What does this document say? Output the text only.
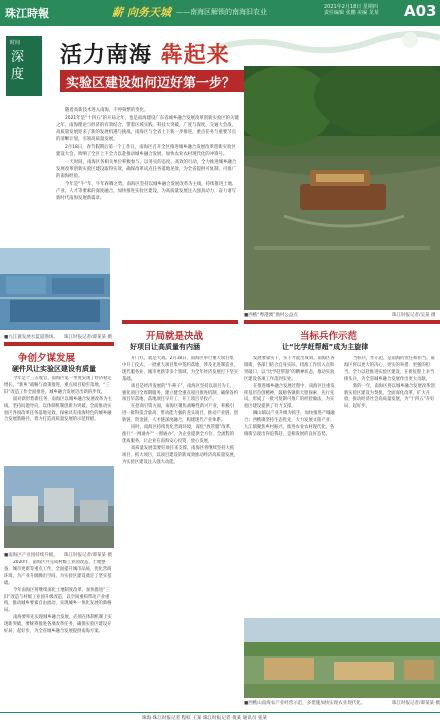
珠江時報	薪 向务天城 ——南海区解锁的南海旧农业
2021年2月18日 星期四
责任编辑 张鹏 美编 龙某 A03
时间
深度
活力南海 犇起来
实验区建设如何迈好第一步？

随着高新技术进入南海，不停频繁的变化。

2021年是“十四五”的开局之年，也是南海建设广东省城乡融合发展改革创新实验区的关键之年。南海理论与经济的有效结合，带着区域实践，科技大突破，广度与深度，交通大会战，高质量发展迎来了新的发展机遇与挑战。南海区与全省上下新一步推进，重点任务与重要节点的清晰计划，引领高质量发展。

2月18日，春节假期后第一个工作日，南海区召开全区推进城乡融合发展改革创新实验区建设大会，吹响了全区上下全力以赴推动城乡融合发展、加快农业农村现代化的冲锋号。

一天时间，南海区各相关单位积极参与，以务实的态度、高效的行动，全力推进城乡融合发展改革创新实验区建设取得实效，确保改革试点任务落地见效，为全省提供可复制、可推广的南海经验。

今年是“牛”年，牛年犇腾之势。南海区坚持以城乡融合发展改革为主线，持续推进土地、产业、人才等要素的深度融合，加快推进实验区建设，为高质量发展注入强劲动力，奋力谱写新时代南海发展新篇章。

■西樵“粤港澳”渔村公益点	珠江时报记者/吴某 摄
■九江镇发展水蓝道渔场。 珠江时报记者/谭某某 摄
争创夕谋发展
硬件风让实验区建设有质量

今年是十三五收官，南海区第一季度实现了经济稳定增长。“新乡”战略与政策推进，重点项目稳步落地，“三旧”改造工作全面推进，城乡融合发展迈出新的步伐。

面对新形势新任务，南海区以城乡融合发展改革为主线，坚持问题导向，以体制机制创新为突破，全面推动实验区各项改革任务落地见效，探索具有南海特色的城乡融合发展新路径，着力打造高质量发展的示范样板。

■南海区产业园持续升级。 珠江时报记者/谭某某 摄

2020年，南海区共完成村级工业园改造、土地整备、城市更新等重点工作，全面提升城市品质，优化营商环境，为产业升级腾出空间，为实验区建设奠定了坚实基础。

今年南海区将继续深化土地制度改革，加快推进“三旧”改造与村级工业园升级改造，以空间重构带动产业重构，推动城乡要素自由流动，实现城乡一体化发展的新格局。

南海要率先实现城乡融合发展，必须在体制机制上实现新突破。要统筹推进各项改革任务，确保实验区建设开好局、起好步，为全省城乡融合发展提供南海方案。

开局就是决战
好项目让高质量有内涵

开门红，就是大战。2月18日，南海区举行重大项目集中开工仪式，一批重大项目集中签约落地，涉及先进制造业、现代服务业、城市更新等多个领域，为全年经济发展打下坚实基础。

项目是经济发展的“牛鼻子”，南海区坚持以项目为王，强化项目全周期服务，建立健全重点项目推进机制，确保签约项目早落地、落地项目早开工、开工项目早投产。

在招商引资方面，南海区聚焦战略性新兴产业，积极引进一批科技含量高、带动能力强的龙头项目，推动产业链、创新链、资金链、人才链深度融合，构建现代产业体系。

同时，南海区持续优化营商环境，深化“放管服”改革，推行“一网通办”“一窗通办”，为企业提供全方位、全流程的优质服务，让企业在南海安心投资、放心发展。

高质量发展需要好项目来支撑。南海区将继续坚持大抓项目、抓大项目，以项目建设的新成效推动经济高质量发展，为实验区建设注入强大动能。

当标兵作示范
让“比学赶帮超”成为主旋律

发展要靠实干，实干才能出成效。南海区各镇街、各部门结合自身实际，找准工作切入点和突破口，以“比学赶帮超”的精神状态，推动实验区建设各项工作落到实处。

在推进城乡融合发展过程中，南海区注重发挥基层首创精神，鼓励各镇街大胆探索、先行先试，形成了一批可复制可推广的经验做法，为实验区建设提供了有力支撑。

狮山镇以产业升级为抓手，加快推进产城融合；西樵镇坚持生态优先，大力发展文旅产业；九江镇聚焦乡村振兴，推进农业农村现代化，各镇街呈现出你追我赶、竞相发展的良好态势。

当标兵，作示范，是南海的责任和担当。南海区将以更大的决心、更实的举措、更强的担当，全力以赴推进实验区建设，在新征程上争当排头兵，为全省城乡融合发展作出更大贡献。

新的一年，南海区将以城乡融合发展改革创新实验区建设为契机，全面深化改革，扩大开放，推动经济社会高质量发展，为“十四五”开好局、起好步。

■西樵山南海农产业经营示范，多措施加快实现农业现代化。	珠江时报记者/谭某某 摄
珠海·珠江时报记者 程虹 王某 珠江时报记者 黄某 通讯员 张某
